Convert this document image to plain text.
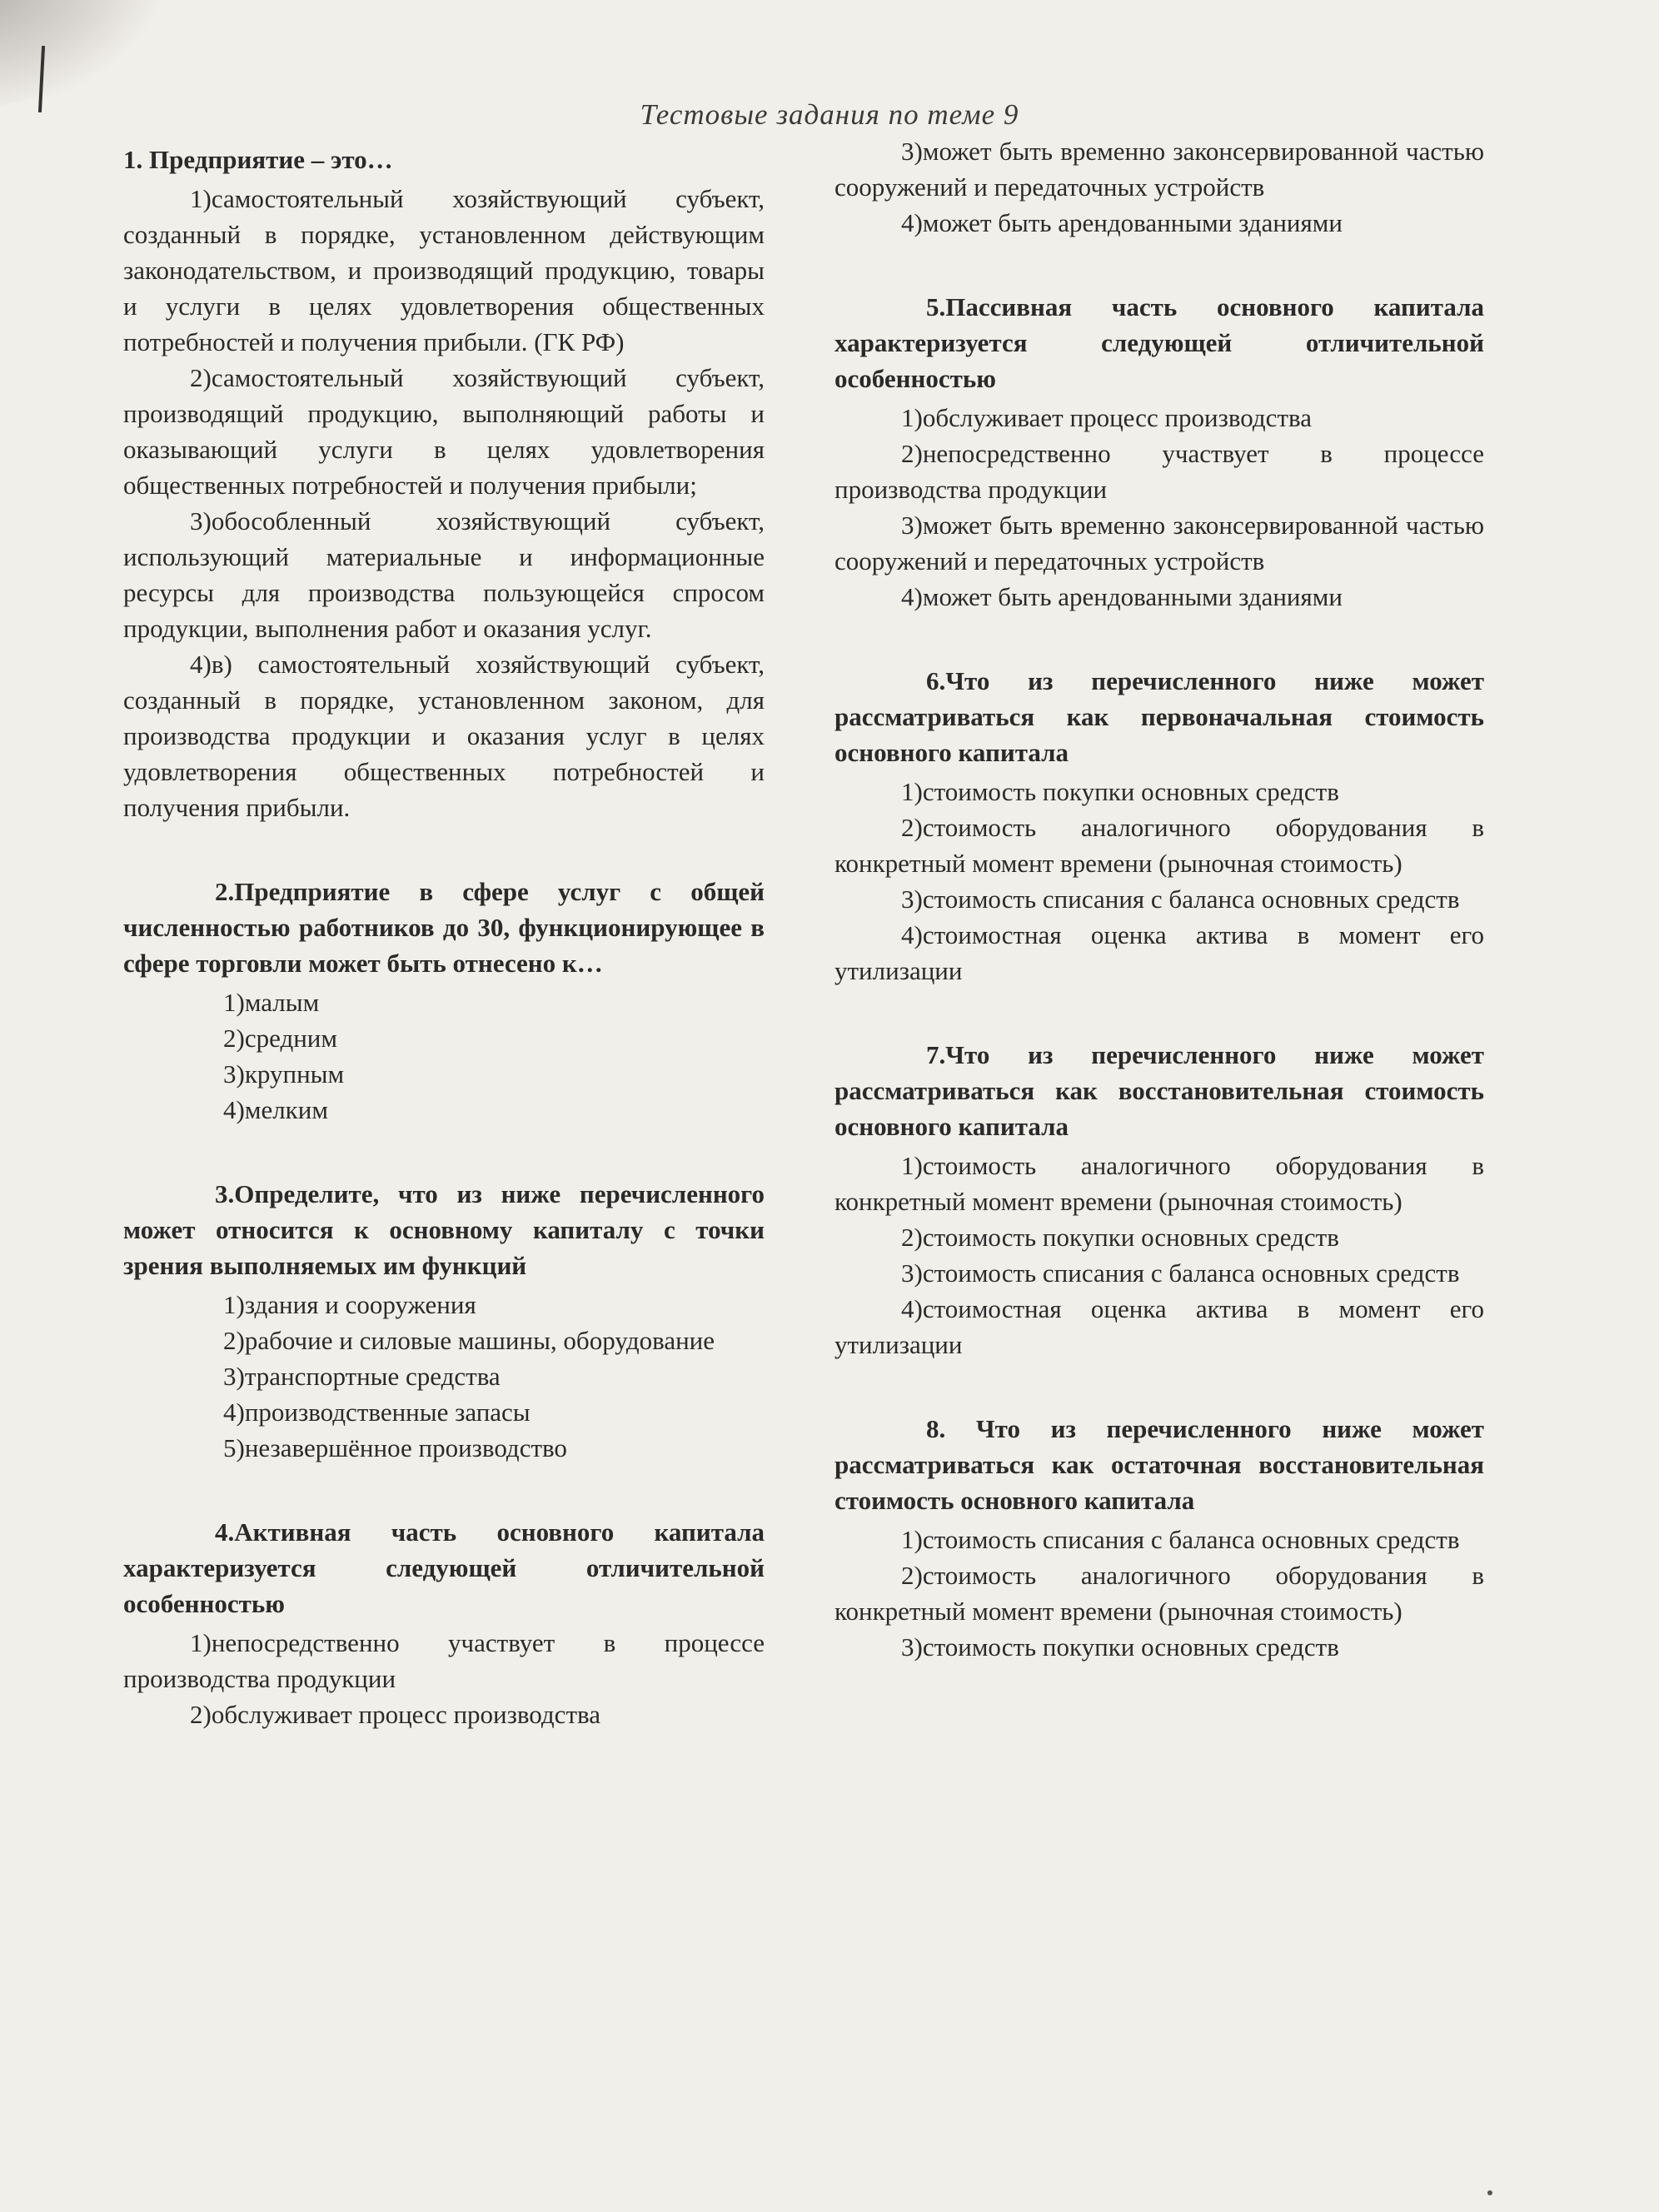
Тестовые задания по теме 9
1. Предприятие – это…
1)самостоятельный хозяйствующий субъект, созданный в порядке, установленном действующим законодательством, и производящий продукцию, товары и услуги в целях удовлетворения общественных потребностей и получения прибыли. (ГК РФ)
2)самостоятельный хозяйствующий субъект, производящий продукцию, выполняющий работы и оказывающий услуги в целях удовлетворения общественных потребностей и получения прибыли;
3)обособленный хозяйствующий субъект, использующий материальные и информационные ресурсы для производства пользующейся спросом продукции, выполнения работ и оказания услуг.
4)в) самостоятельный хозяйствующий субъект, созданный в порядке, установленном законом, для производства продукции и оказания услуг в целях удовлетворения общественных потребностей и получения прибыли.
2.Предприятие в сфере услуг с общей численностью работников до 30, функционирующее в сфере торговли может быть отнесено к…
1)малым
2)средним
3)крупным
4)мелким
3.Определите, что из ниже перечисленного может относится к основному капиталу с точки зрения выполняемых им функций
1)здания и сооружения
2)рабочие и силовые машины, оборудование
3)транспортные средства
4)производственные запасы
5)незавершённое производство
4.Активная часть основного капитала характеризуется следующей отличительной особенностью
1)непосредственно участвует в процессе производства продукции
2)обслуживает процесс производства
3)может быть временно законсервированной частью сооружений и передаточных устройств
4)может быть арендованными зданиями
5.Пассивная часть основного капитала характеризуется следующей отличительной особенностью
1)обслуживает процесс производства
2)непосредственно участвует в процессе производства продукции
3)может быть временно законсервированной частью сооружений и передаточных устройств
4)может быть арендованными зданиями
6.Что из перечисленного ниже может рассматриваться как первоначальная стоимость основного капитала
1)стоимость покупки основных средств
2)стоимость аналогичного оборудования в конкретный момент времени (рыночная стоимость)
3)стоимость списания с баланса основных средств
4)стоимостная оценка актива в момент его утилизации
7.Что из перечисленного ниже может рассматриваться как восстановительная стоимость основного капитала
1)стоимость аналогичного оборудования в конкретный момент времени (рыночная стоимость)
2)стоимость покупки основных средств
3)стоимость списания с баланса основных средств
4)стоимостная оценка актива в момент его утилизации
8. Что из перечисленного ниже может рассматриваться как остаточная восстановительная стоимость основного капитала
1)стоимость списания с баланса основных средств
2)стоимость аналогичного оборудования в конкретный момент времени (рыночная стоимость)
3)стоимость покупки основных средств
